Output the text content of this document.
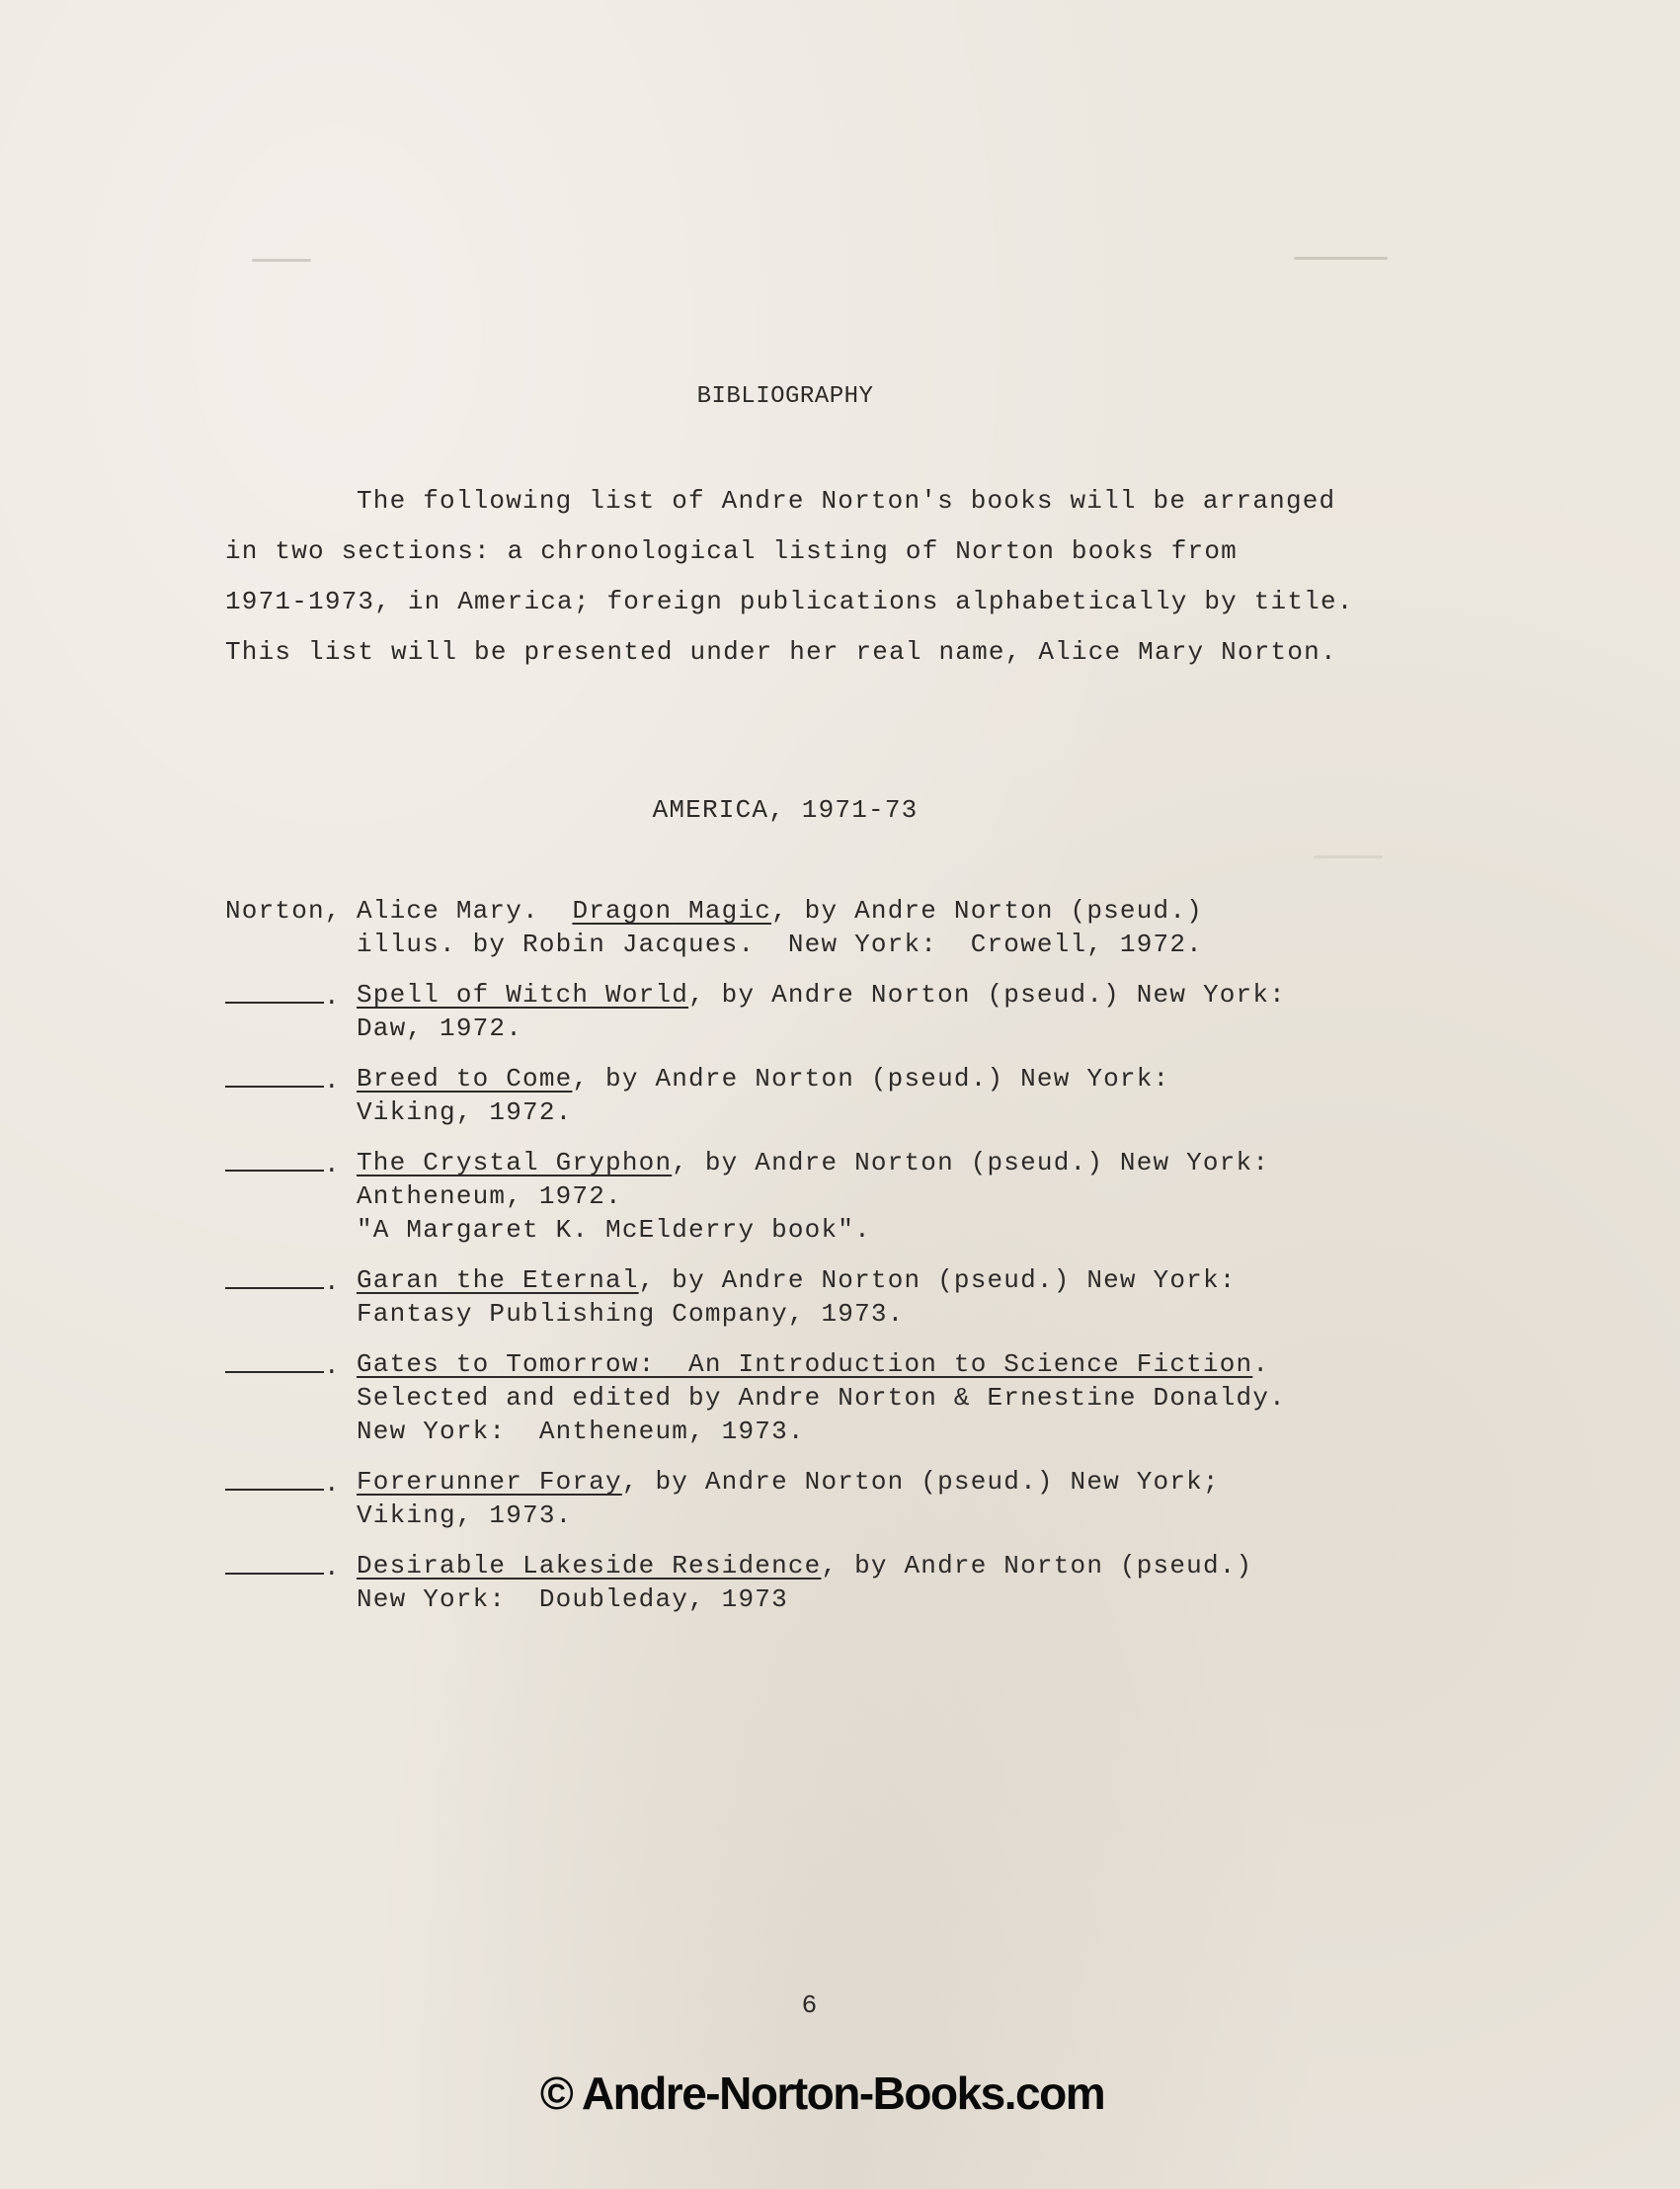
BIBLIOGRAPHY

The following list of Andre Norton's books will be arranged

in two sections: a chronological listing of Norton books from

1971-1973, in America; foreign publications alphabetically by title.

This list will be presented under her real name, Alice Mary Norton.

AMERICA, 1971-73
Norton, Alice Mary.  Dragon Magic, by Andre Norton (pseud.)
illus. by Robin Jacques.  New York:  Crowell, 1972.
. Spell of Witch World, by Andre Norton (pseud.) New York:
Daw, 1972.
. Breed to Come, by Andre Norton (pseud.) New York:
Viking, 1972.
. The Crystal Gryphon, by Andre Norton (pseud.) New York:
Antheneum, 1972.
"A Margaret K. McElderry book".
. Garan the Eternal, by Andre Norton (pseud.) New York:
Fantasy Publishing Company, 1973.
. Gates to Tomorrow:  An Introduction to Science Fiction.
Selected and edited by Andre Norton & Ernestine Donaldy.
New York:  Antheneum, 1973.
. Forerunner Foray, by Andre Norton (pseud.) New York;
Viking, 1973.
. Desirable Lakeside Residence, by Andre Norton (pseud.)
New York:  Doubleday, 1973
6
© Andre-Norton-Books.com
